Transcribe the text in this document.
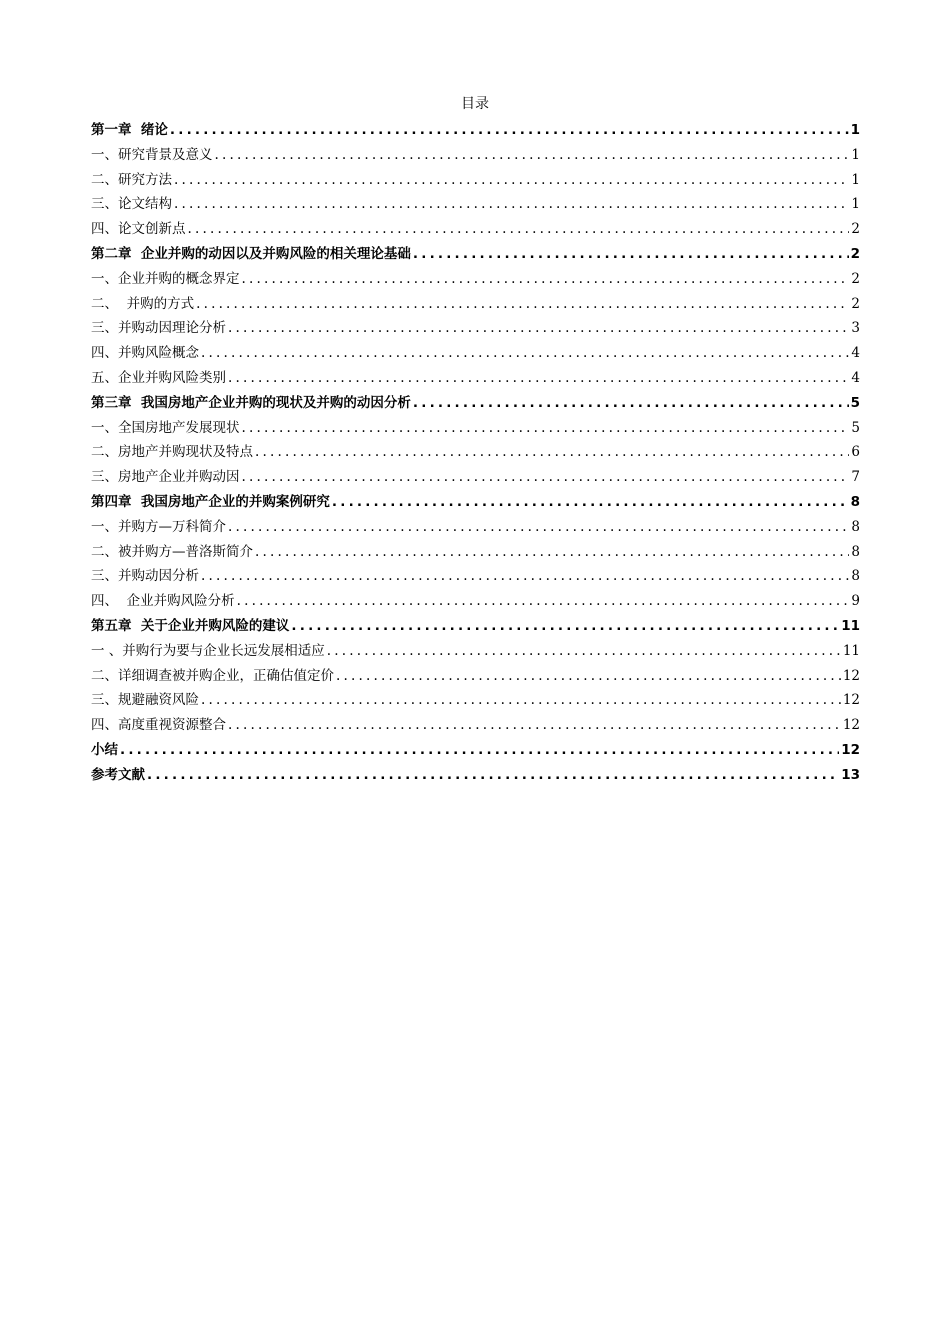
目录
第一章  绪论 .....	1
一、研究背景及意义 .....	1
二、研究方法 .....	1
三、论文结构 .....	1
四、论文创新点 .....	2
第二章  企业并购的动因以及并购风险的相关理论基础 .....	2
一、企业并购的概念界定 .....	2
二、  并购的方式 .....	2
三、并购动因理论分析 .....	3
四、并购风险概念 .....	4
五、企业并购风险类别 .....	4
第三章  我国房地产企业并购的现状及并购的动因分析 .....	5
一、全国房地产发展现状 .....	5
二、房地产并购现状及特点 .....	6
三、房地产企业并购动因 .....	7
第四章  我国房地产企业的并购案例研究 .....	8
一、并购方—万科简介 .....	8
二、被并购方—普洛斯简介 .....	8
三、并购动因分析 .....	8
四、  企业并购风险分析 .....	9
第五章  关于企业并购风险的建议 .....	11
一 、并购行为要与企业长远发展相适应 .....	11
二、详细调查被并购企业，正确估值定价 .....	12
三、规避融资风险 .....	12
四、高度重视资源整合 .....	12
小结 .....	12
参考文献 .....	13
